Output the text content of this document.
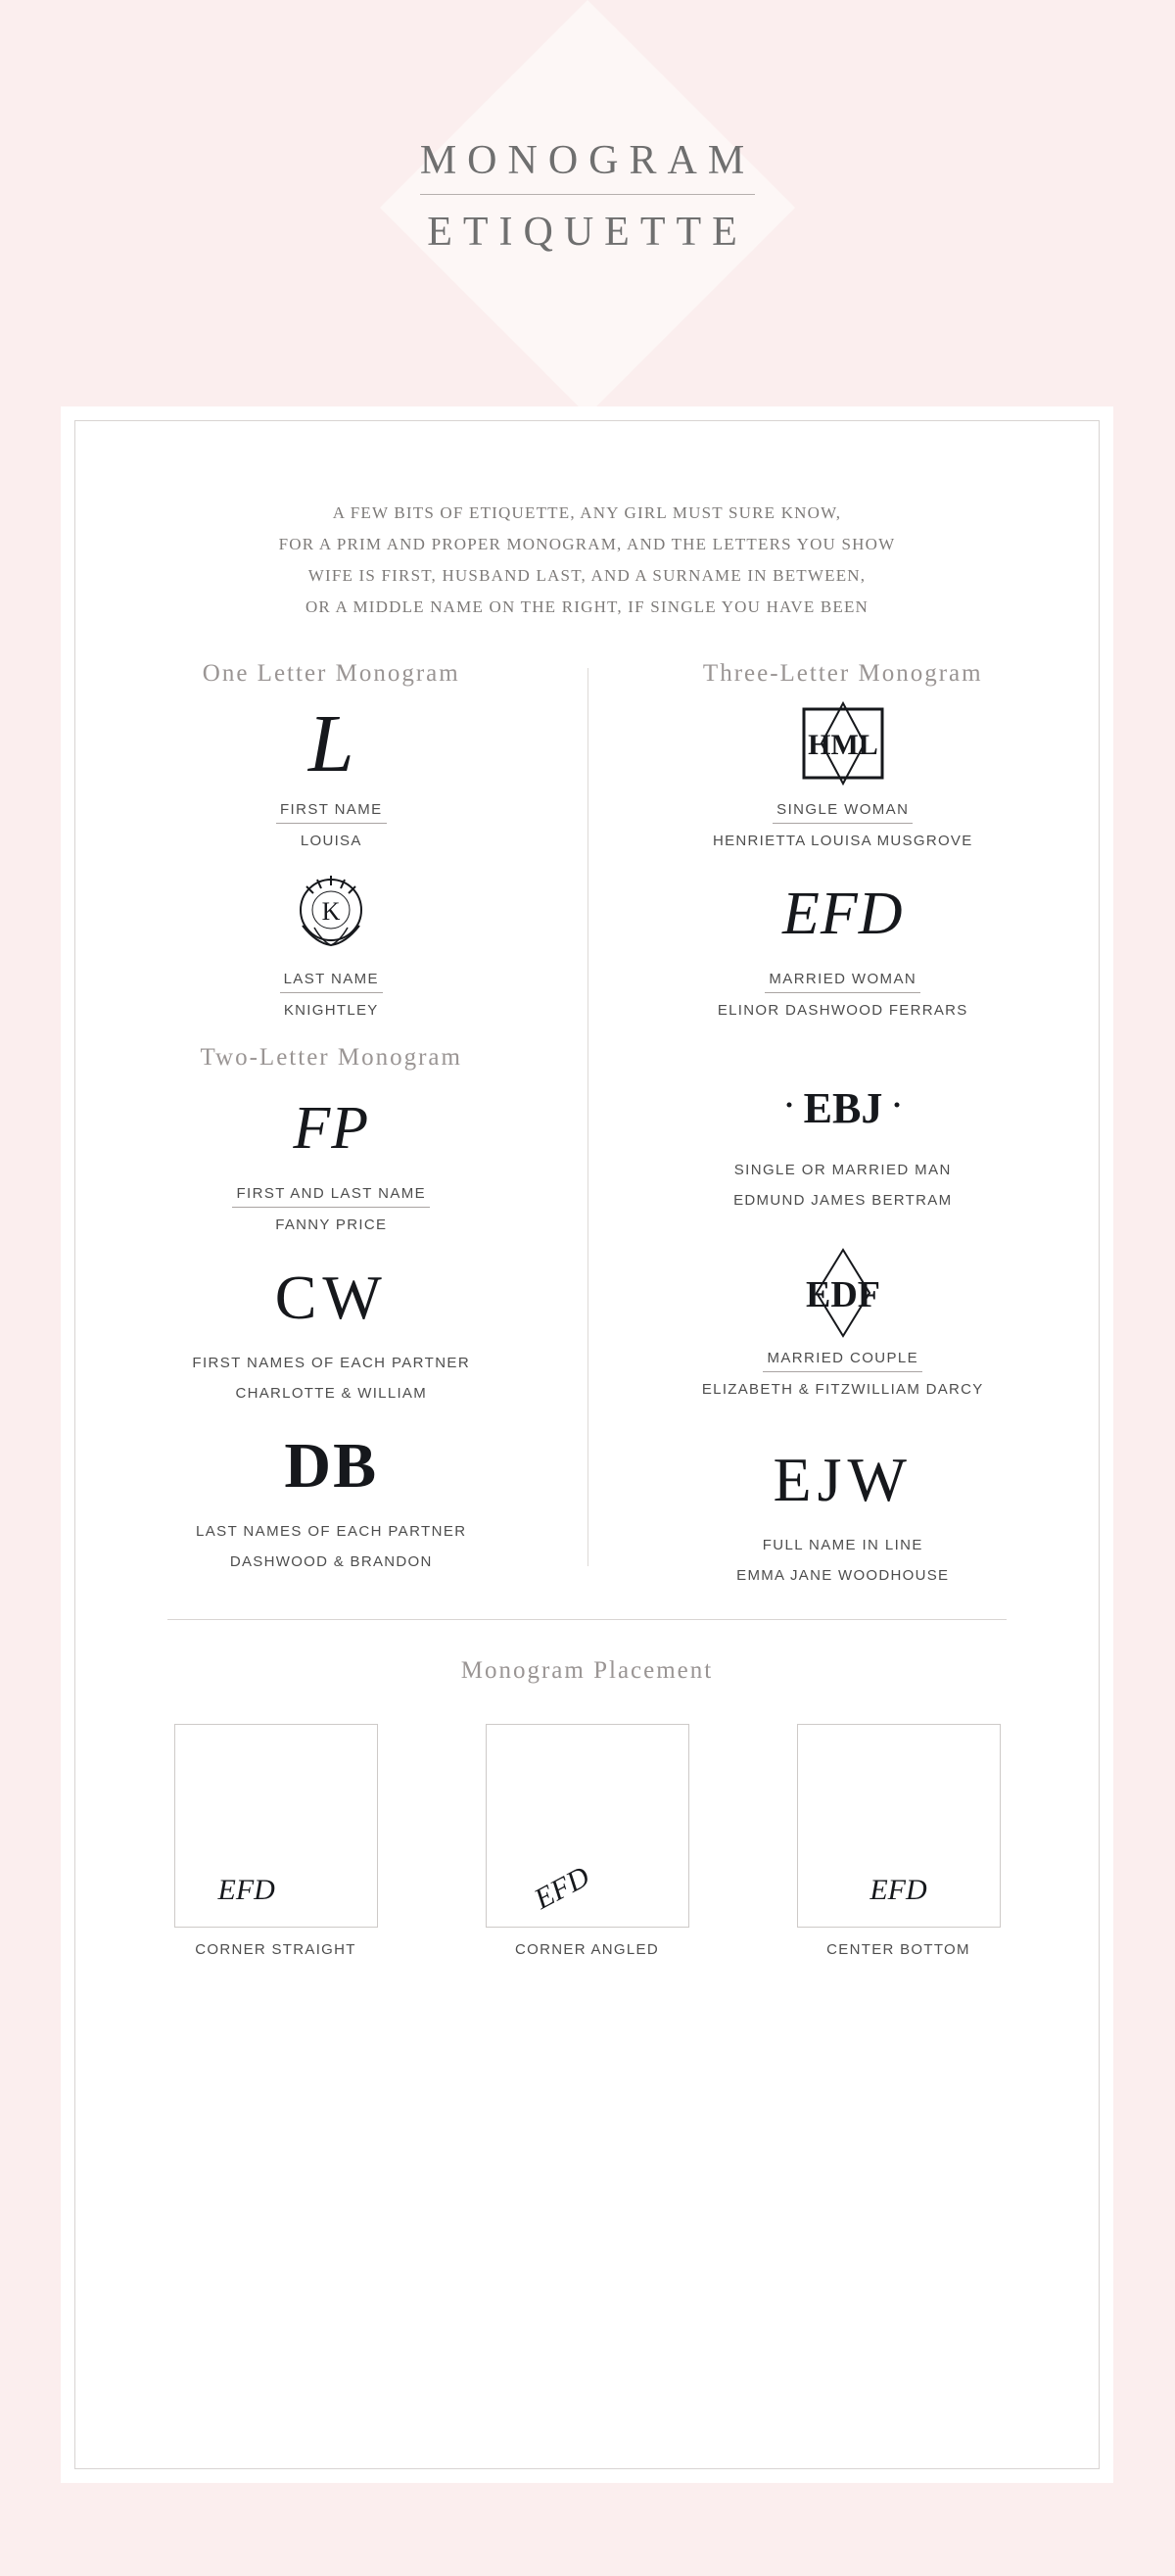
MONOGRAM
ETIQUETTE
A FEW BITS OF ETIQUETTE, ANY GIRL MUST SURE KNOW,
FOR A PRIM AND PROPER MONOGRAM, AND THE LETTERS YOU SHOW
WIFE IS FIRST, HUSBAND LAST, AND A SURNAME IN BETWEEN,
OR A MIDDLE NAME ON THE RIGHT, IF SINGLE YOU HAVE BEEN
One Letter Monogram
L
FIRST NAME
LOUISA
K
LAST NAME
KNIGHTLEY
Two-Letter Monogram
FP
FIRST AND LAST NAME
FANNY PRICE
CW
FIRST NAMES OF EACH PARTNER
CHARLOTTE & WILLIAM
DB
LAST NAMES OF EACH PARTNER
DASHWOOD & BRANDON
Three-Letter Monogram
HML
SINGLE WOMAN
HENRIETTA LOUISA MUSGROVE
EFD
MARRIED WOMAN
ELINOR DASHWOOD FERRARS
EBJ
SINGLE OR MARRIED MAN
EDMUND JAMES BERTRAM
EDF
MARRIED COUPLE
ELIZABETH & FITZWILLIAM DARCY
EJW
FULL NAME IN LINE
EMMA JANE WOODHOUSE
Monogram Placement
EFD
CORNER STRAIGHT
EFD
CORNER ANGLED
EFD
CENTER BOTTOM
